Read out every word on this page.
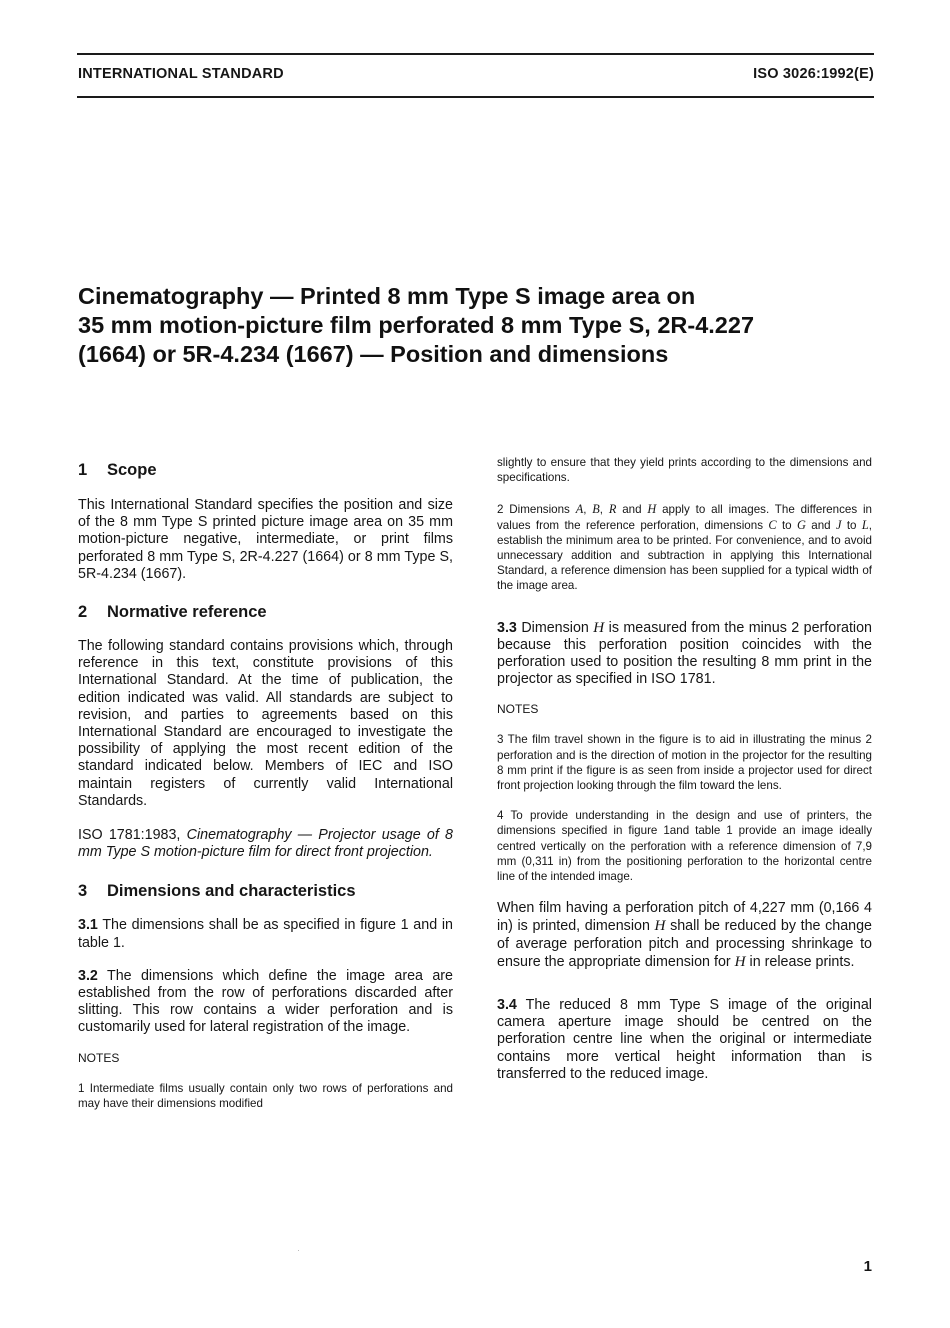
INTERNATIONAL STANDARD	ISO 3026:1992(E)
Cinematography — Printed 8 mm Type S image area on
35 mm motion-picture film perforated 8 mm Type S, 2R-4.227
(1664) or 5R-4.234 (1667) — Position and dimensions
1 Scope

This International Standard specifies the position and size of the 8 mm Type S printed picture image area on 35 mm motion-picture negative, intermediate, or print films perforated 8 mm Type S, 2R-4.227 (1664) or 8 mm Type S, 5R-4.234 (1667).

2 Normative reference

The following standard contains provisions which, through reference in this text, constitute provisions of this International Standard. At the time of publication, the edition indicated was valid. All standards are subject to revision, and parties to agreements based on this International Standard are encouraged to investigate the possibility of applying the most recent edition of the standard indicated below. Members of IEC and ISO maintain registers of currently valid International Standards.

ISO 1781:1983, Cinematography — Projector usage of 8 mm Type S motion-picture film for direct front projection.

3 Dimensions and characteristics

3.1 The dimensions shall be as specified in figure 1 and in table 1.

3.2 The dimensions which define the image area are established from the row of perforations discarded after slitting. This row contains a wider perforation and is customarily used for lateral registration of the image.

NOTES

1 Intermediate films usually contain only two rows of perforations and may have their dimensions modified

slightly to ensure that they yield prints according to the dimensions and specifications.

2 Dimensions A, B, R and H apply to all images. The differences in values from the reference perforation, dimensions C to G and J to L, establish the minimum area to be printed. For convenience, and to avoid unnecessary addition and subtraction in applying this International Standard, a reference dimension has been supplied for a typical width of the image area.

3.3 Dimension H is measured from the minus 2 perforation because this perforation position coincides with the perforation used to position the resulting 8 mm print in the projector as specified in ISO 1781.

NOTES

3 The film travel shown in the figure is to aid in illustrating the minus 2 perforation and is the direction of motion in the projector for the resulting 8 mm print if the figure is as seen from inside a projector used for direct front projection looking through the film toward the lens.

4 To provide understanding in the design and use of printers, the dimensions specified in figure 1and table 1 provide an image ideally centred vertically on the perforation with a reference dimension of 7,9 mm (0,311 in) from the positioning perforation to the horizontal centre line of the intended image.

When film having a perforation pitch of 4,227 mm (0,166 4 in) is printed, dimension H shall be reduced by the change of average perforation pitch and processing shrinkage to ensure the appropriate dimension for H in release prints.

3.4 The reduced 8 mm Type S image of the original camera aperture image should be centred on the perforation centre line when the original or intermediate contains more vertical height information than is transferred to the reduced image.

1
